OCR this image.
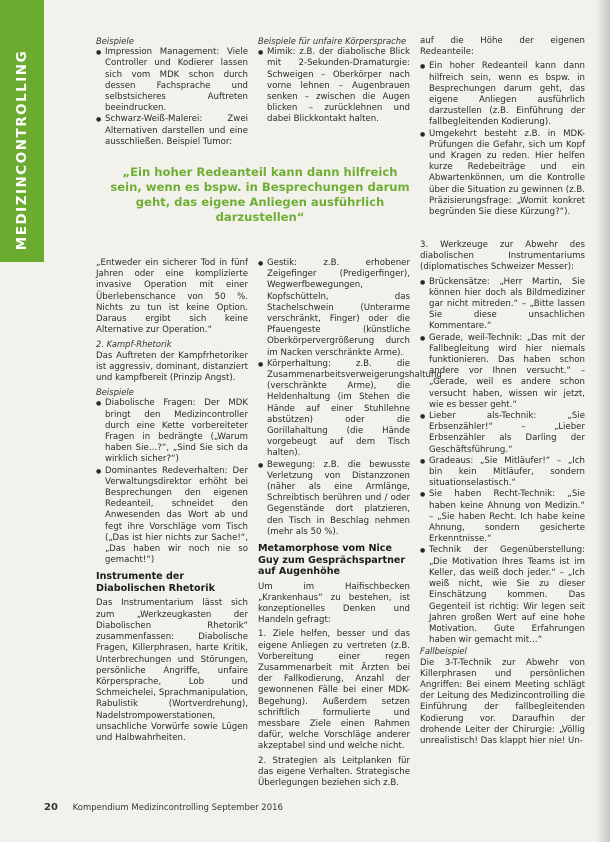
MEDIZINCONTROLLING

Beispiele

● Impression Management: Viele Controller und Kodierer lassen sich vom MDK schon durch dessen Fachsprache und selbstsicheres Auftreten beeindrucken.
● Schwarz-Weiß-Malerei: Zwei Alternativen darstellen und eine ausschließen. Beispiel Tumor:

Beispiele für unfaire Körpersprache

● Mimik: z.B. der diabolische Blick mit 2-Sekunden-Dramaturgie: Schweigen – Oberkörper nach vorne lehnen – Augenbrauen senken – zwischen die Augen blicken – zurücklehnen und dabei Blickkontakt halten.

auf die Höhe der eigenen Redeanteile:

● Ein hoher Redeanteil kann dann hilfreich sein, wenn es bspw. in Besprechungen darum geht, das eigene Anliegen ausführlich darzustellen (z.B. Einführung der fallbegleitenden Kodierung).
● Umgekehrt besteht z.B. in MDK-Prüfungen die Gefahr, sich um Kopf und Kragen zu reden. Hier helfen kurze Redebeiträge und ein Abwartenkönnen, um die Kontrolle über die Situation zu gewinnen (z.B. Präzisierungsfrage: „Womit konkret begründen Sie diese Kürzung?“).
„Ein hoher Redeanteil kann dann hilfreich sein, wenn es bspw. in Besprechungen darum geht, das eigene Anliegen ausführlich darzustellen“

„Entweder ein sicherer Tod in fünf Jahren oder eine komplizierte invasive Operation mit einer Überlebenschance von 50 %. Nichts zu tun ist keine Option. Daraus ergibt sich keine Alternative zur Operation.“

2. Kampf-Rhetorik

Das Auftreten der Kampfrhetoriker ist aggressiv, dominant, distanziert und kampfbereit (Prinzip Angst).

Beispiele

● Diabolische Fragen: Der MDK bringt den Medizincontroller durch eine Kette vorbereiteter Fragen in bedrängte („Warum haben Sie…?“, „Sind Sie sich da wirklich sicher?“)
● Dominantes Redeverhalten: Der Verwaltungsdirektor erhöht bei Besprechungen den eigenen Redeanteil, schneidet den Anwesenden das Wort ab und fegt ihre Vorschläge vom Tisch („Das ist hier nichts zur Sache!“, „Das haben wir noch nie so gemacht!“)
Instrumente der Diabolischen Rhetorik

Das Instrumentarium lässt sich zum „Werkzeugkasten der Diabolischen Rhetorik“ zusammenfassen: Diabolische Fragen, Killerphrasen, harte Kritik, Unterbrechungen und Störungen, persönliche Angriffe, unfaire Körpersprache, Lob und Schmeichelei, Sprachmanipulation, Rabulistik (Wortverdrehung), Nadelstrompowerstationen, unsachliche Vorwürfe sowie Lügen und Halbwahrheiten.

● Gestik: z.B. erhobener Zeigefinger (Predigerfinger), Wegwerfbewegungen, Kopfschütteln, das Stachelschwein (Unterarme verschränkt, Finger) oder die Pfauengeste (künstliche Oberkörpervergrößerung durch im Nacken verschränkte Arme).
● Körperhaltung: z.B. die Zusammenarbeitsverweigerungshaltung (verschränkte Arme), die Heldenhaltung (im Stehen die Hände auf einer Stuhllehne abstützen) oder die Gorillahaltung (die Hände vorgebeugt auf dem Tisch halten).
● Bewegung: z.B. die bewusste Verletzung von Distanzzonen (näher als eine Armlänge, Schreibtisch berühren und / oder Gegenstände dort platzieren, den Tisch in Beschlag nehmen (mehr als 50 %).
Metamorphose vom Nice Guy zum Gesprächspartner auf Augenhöhe

Um im Haifischbecken „Krankenhaus“ zu bestehen, ist konzeptionelles Denken und Handeln gefragt:

1. Ziele helfen, besser und das eigene Anliegen zu vertreten (z.B. Vorbereitung einer regen Zusammenarbeit mit Ärzten bei der Fallkodierung, Anzahl der gewonnenen Fälle bei einer MDK-Begehung). Außerdem setzen schriftlich formulierte und messbare Ziele einen Rahmen dafür, welche Vorschläge anderer akzeptabel sind und welche nicht.

2. Strategien als Leitplanken für das eigene Verhalten. Strategische Überlegungen beziehen sich z.B.

3. Werkzeuge zur Abwehr des diabolischen Instrumentariums (diplomatisches Schweizer Messer):

● Brückensätze: „Herr Martin, Sie können hier doch als Bildmediziner gar nicht mitreden.“ – „Bitte lassen Sie diese unsachlichen Kommentare.“
● Gerade, weil-Technik: „Das mit der Fallbegleitung wird hier niemals funktionieren. Das haben schon andere vor Ihnen versucht.“ – „Gerade, weil es andere schon versucht haben, wissen wir jetzt, wie es besser geht.“
● Lieber als-Technik: „Sie Erbsenzähler!“ – „Lieber Erbsenzähler als Darling der Geschäftsführung.“
● Gradeaus: „Sie Mitläufer!“ – „Ich bin kein Mitläufer, sondern situationselastisch.“
● Sie haben Recht-Technik: „Sie haben keine Ahnung von Medizin.“ – „Sie haben Recht. Ich habe keine Ahnung, sondern gesicherte Erkenntnisse.“
● Technik der Gegenüberstellung: „Die Motivation Ihres Teams ist im Keller, das weiß doch jeder.“ – „Ich weiß nicht, wie Sie zu dieser Einschätzung kommen. Das Gegenteil ist richtig: Wir legen seit Jahren großen Wert auf eine hohe Motivation. Gute Erfahrungen haben wir gemacht mit…“

Fallbeispiel

Die 3-T-Technik zur Abwehr von Killerphrasen und persönlichen Angriffen: Bei einem Meeting schlägt der Leitung des Medizincontrolling die Einführung der fallbegleitenden Kodierung vor. Daraufhin der drohende Leiter der Chirurgie: „Völlig unrealistisch! Das klappt hier nie! Un-

20 Kompendium Medizincontrolling September 2016
